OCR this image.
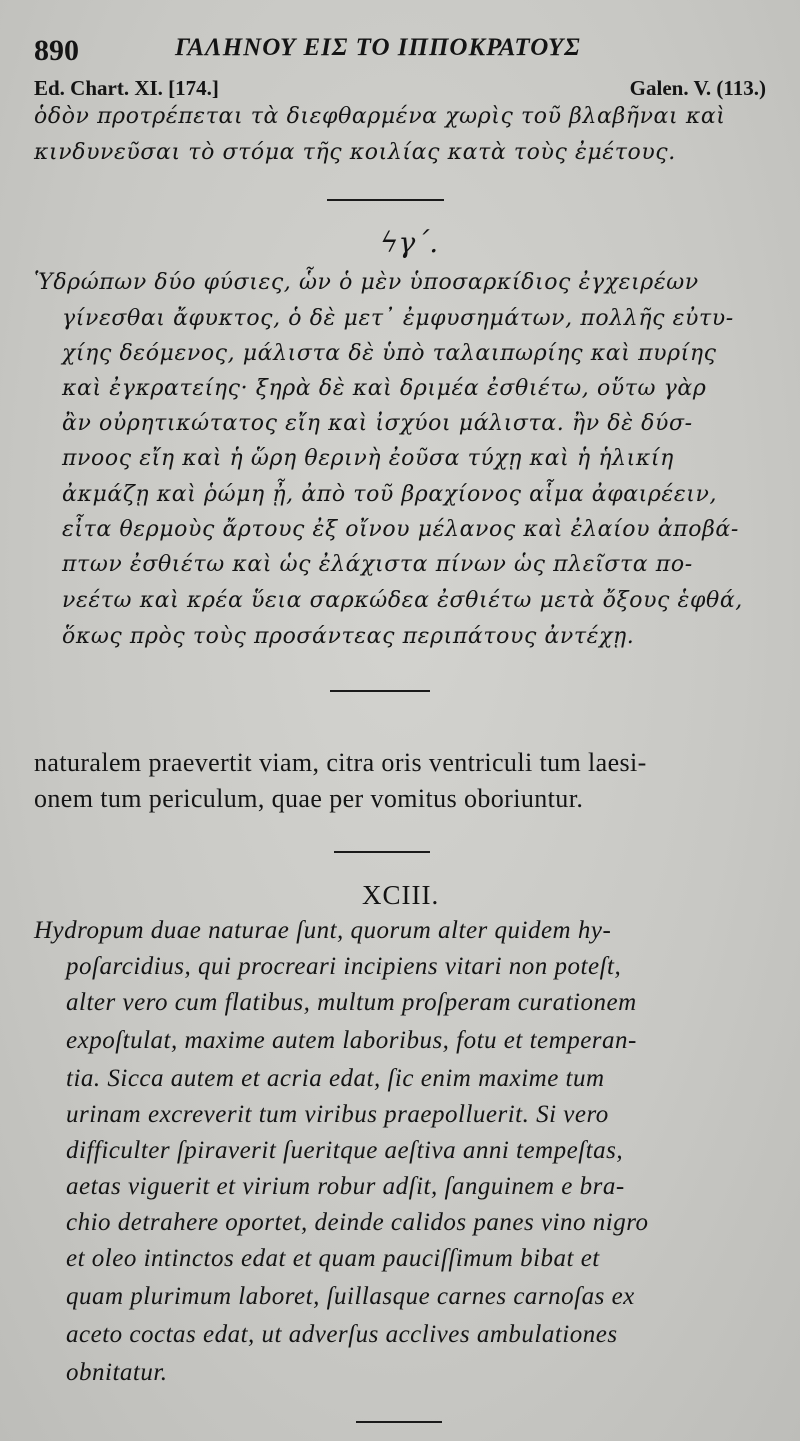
890	ΓΑΛΗΝΟΥ ΕΙΣ ΤΟ ΙΠΠΟΚΡΑΤΟΥΣ
Ed. Chart. XI. [174.]	Galen. V. (113.)
ὁδὸν προτρέπεται τὰ διεφθαρμένα χωρὶς τοῦ βλαβῆναι καὶ
κινδυνεῦσαι τὸ στόμα τῆς κοιλίας κατὰ τοὺς ἐμέτους.
ϟγ΄.
Ὑδρώπων δύο φύσιες, ὧν ὁ μὲν ὑποσαρκίδιος ἐγχειρέων
γίνεσθαι ἄφυκτος, ὁ δὲ μετ᾽ ἐμφυσημάτων, πολλῆς εὐτυ-
χίης δεόμενος, μάλιστα δὲ ὑπὸ ταλαιπωρίης καὶ πυρίης
καὶ ἐγκρατείης· ξηρὰ δὲ καὶ δριμέα ἐσθιέτω, οὕτω γὰρ
ἂν οὐρητικώτατος εἴη καὶ ἰσχύοι μάλιστα. ἢν δὲ δύσ-
πνοος εἴη καὶ ἡ ὥρη θερινὴ ἐοῦσα τύχῃ καὶ ἡ ἡλικίη
ἀκμάζῃ καὶ ῥώμη ᾖ, ἀπὸ τοῦ βραχίονος αἷμα ἀφαιρέειν,
εἶτα θερμοὺς ἄρτους ἐξ οἴνου μέλανος καὶ ἐλαίου ἀποβά-
πτων ἐσθιέτω καὶ ὡς ἐλάχιστα πίνων ὡς πλεῖστα πο-
νεέτω καὶ κρέα ὕεια σαρκώδεα ἐσθιέτω μετὰ ὄξους ἑφθά,
ὅκως πρὸς τοὺς προσάντεας περιπάτους ἀντέχῃ.
naturalem praevertit viam, citra oris ventriculi tum laesi-
onem tum periculum, quae per vomitus oboriuntur.
XCIII.
Hydropum duae naturae ſunt, quorum alter quidem hy-
poſarcidius, qui procreari incipiens vitari non poteſt,
alter vero cum flatibus, multum proſperam curationem
expoſtulat, maxime autem laboribus, fotu et temperan-
tia. Sicca autem et acria edat, ſic enim maxime tum
urinam excreverit tum viribus praepolluerit. Si vero
difficulter ſpiraverit ſueritque aeſtiva anni tempeſtas,
aetas viguerit et virium robur adſit, ſanguinem e bra-
chio detrahere oportet, deinde calidos panes vino nigro
et oleo intinctos edat et quam pauciſſimum bibat et
quam plurimum laboret, ſuillasque carnes carnoſas ex
aceto coctas edat, ut adverſus acclives ambulationes
obnitatur.
